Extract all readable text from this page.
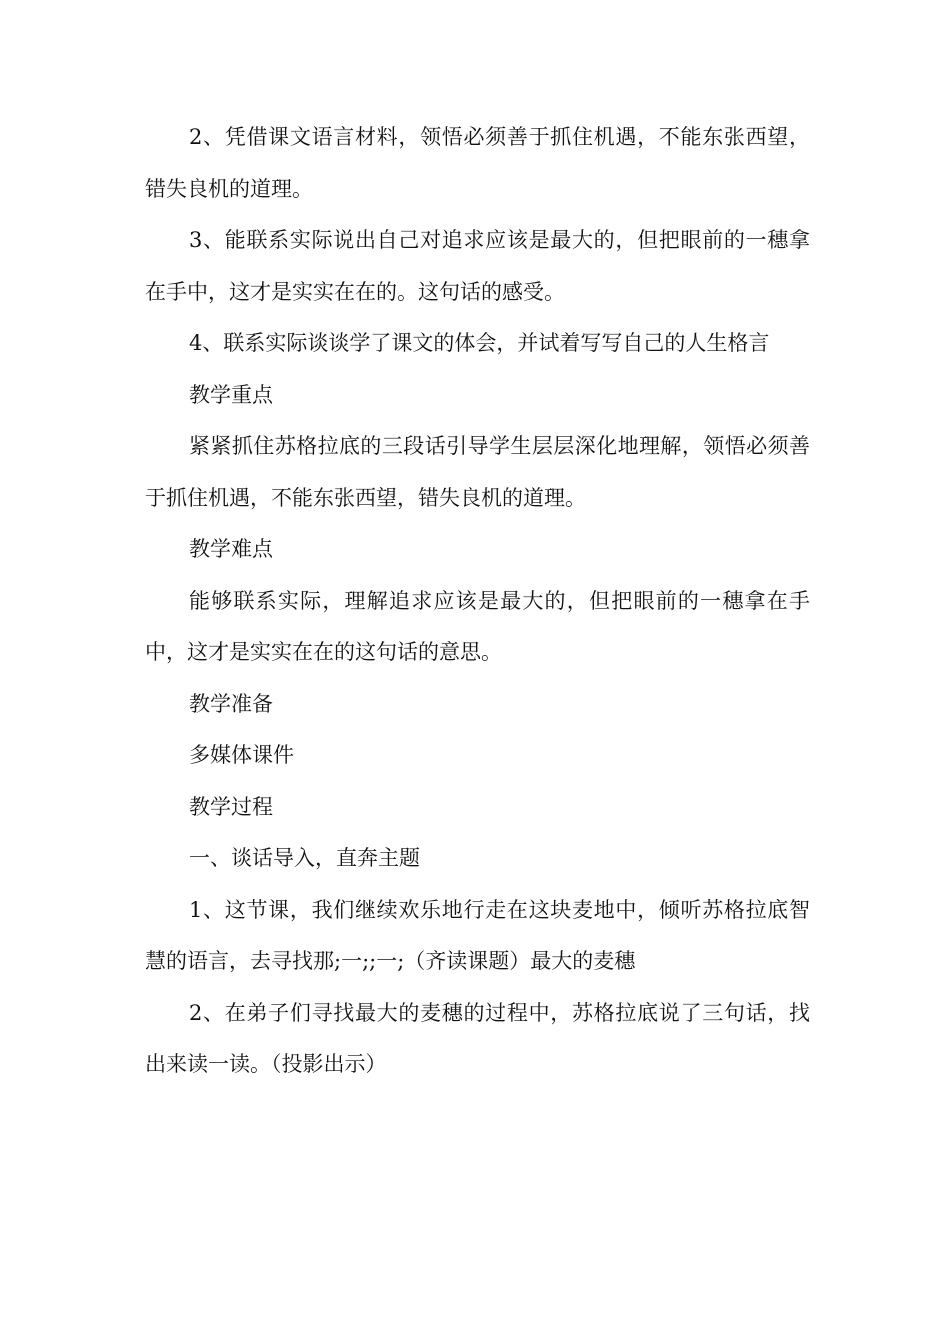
2、凭借课文语言材料，领悟必须善于抓住机遇，不能东张西望，错失良机的道理。

3、能联系实际说出自己对追求应该是最大的，但把眼前的一穗拿在手中，这才是实实在在的。这句话的感受。

4、联系实际谈谈学了课文的体会，并试着写写自己的人生格言

教学重点

紧紧抓住苏格拉底的三段话引导学生层层深化地理解，领悟必须善于抓住机遇，不能东张西望，错失良机的道理。

教学难点

能够联系实际，理解追求应该是最大的，但把眼前的一穗拿在手中，这才是实实在在的这句话的意思。

教学准备

多媒体课件

教学过程

一、谈话导入，直奔主题

1、这节课，我们继续欢乐地行走在这块麦地中，倾听苏格拉底智慧的语言，去寻找那;一;;一;（齐读课题）最大的麦穗

2、在弟子们寻找最大的麦穗的过程中，苏格拉底说了三句话，找出来读一读。（投影出示）
